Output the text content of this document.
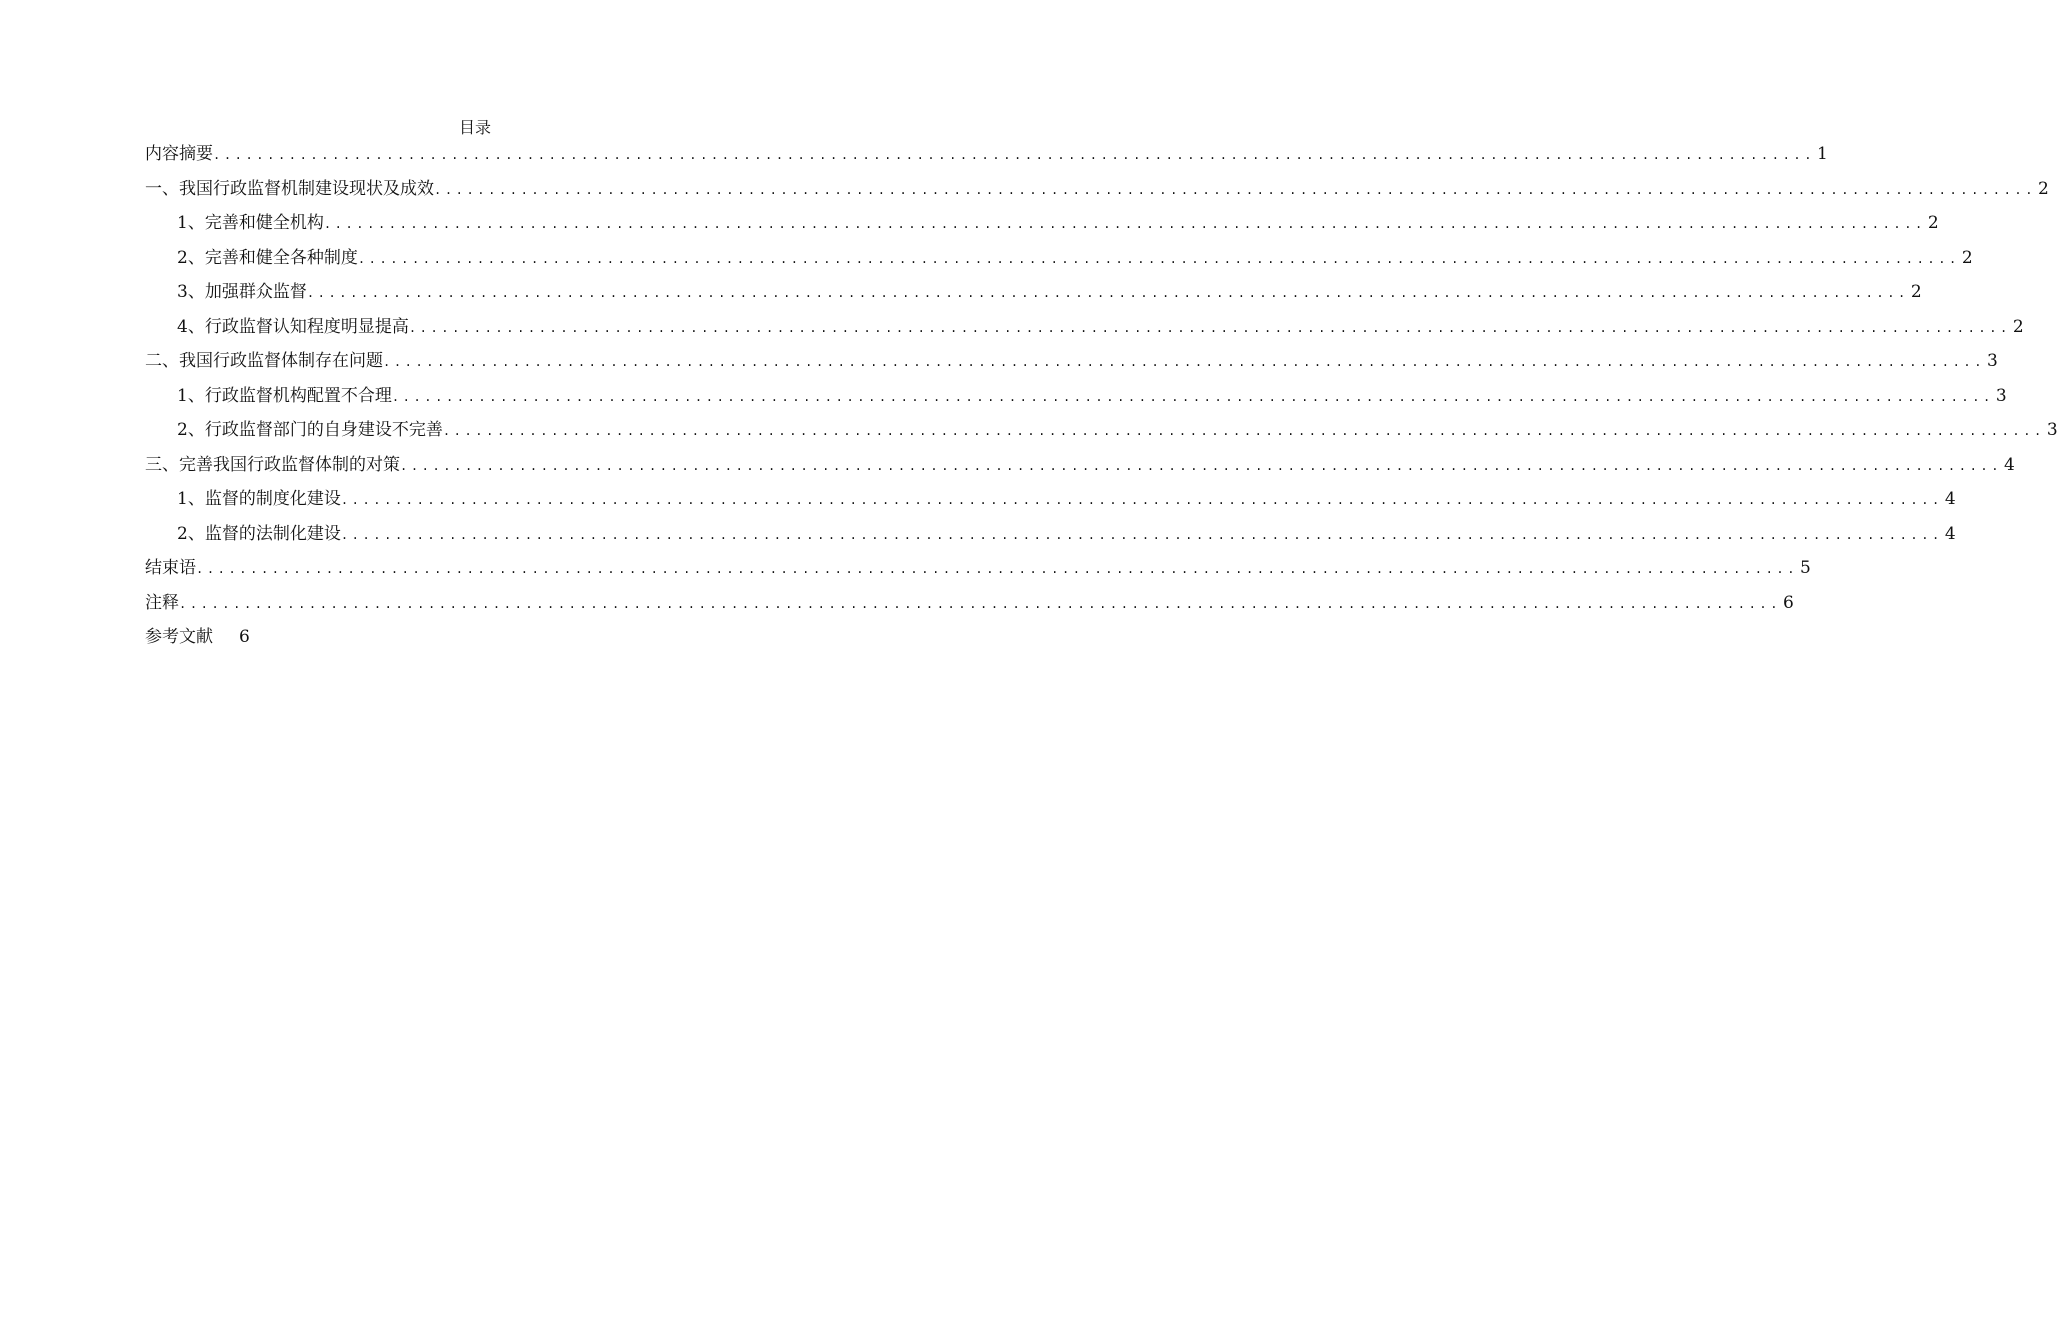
目录
内容摘要 .................................................................................................................................................... 1
一、我国行政监督机制建设现状及成效 .................................................................................................................................................... 2
1、完善和健全机构 .................................................................................................................................................... 2
2、完善和健全各种制度 .................................................................................................................................................... 2
3、加强群众监督 .................................................................................................................................................... 2
4、行政监督认知程度明显提高 .................................................................................................................................................... 2
二、我国行政监督体制存在问题 .................................................................................................................................................... 3
1、行政监督机构配置不合理 .................................................................................................................................................... 3
2、行政监督部门的自身建设不完善 .................................................................................................................................................... 3
三、完善我国行政监督体制的对策 .................................................................................................................................................... 4
1、监督的制度化建设 .................................................................................................................................................... 4
2、监督的法制化建设 .................................................................................................................................................... 4
结束语 .................................................................................................................................................... 5
注释 .................................................................................................................................................... 6
参考文献	6
